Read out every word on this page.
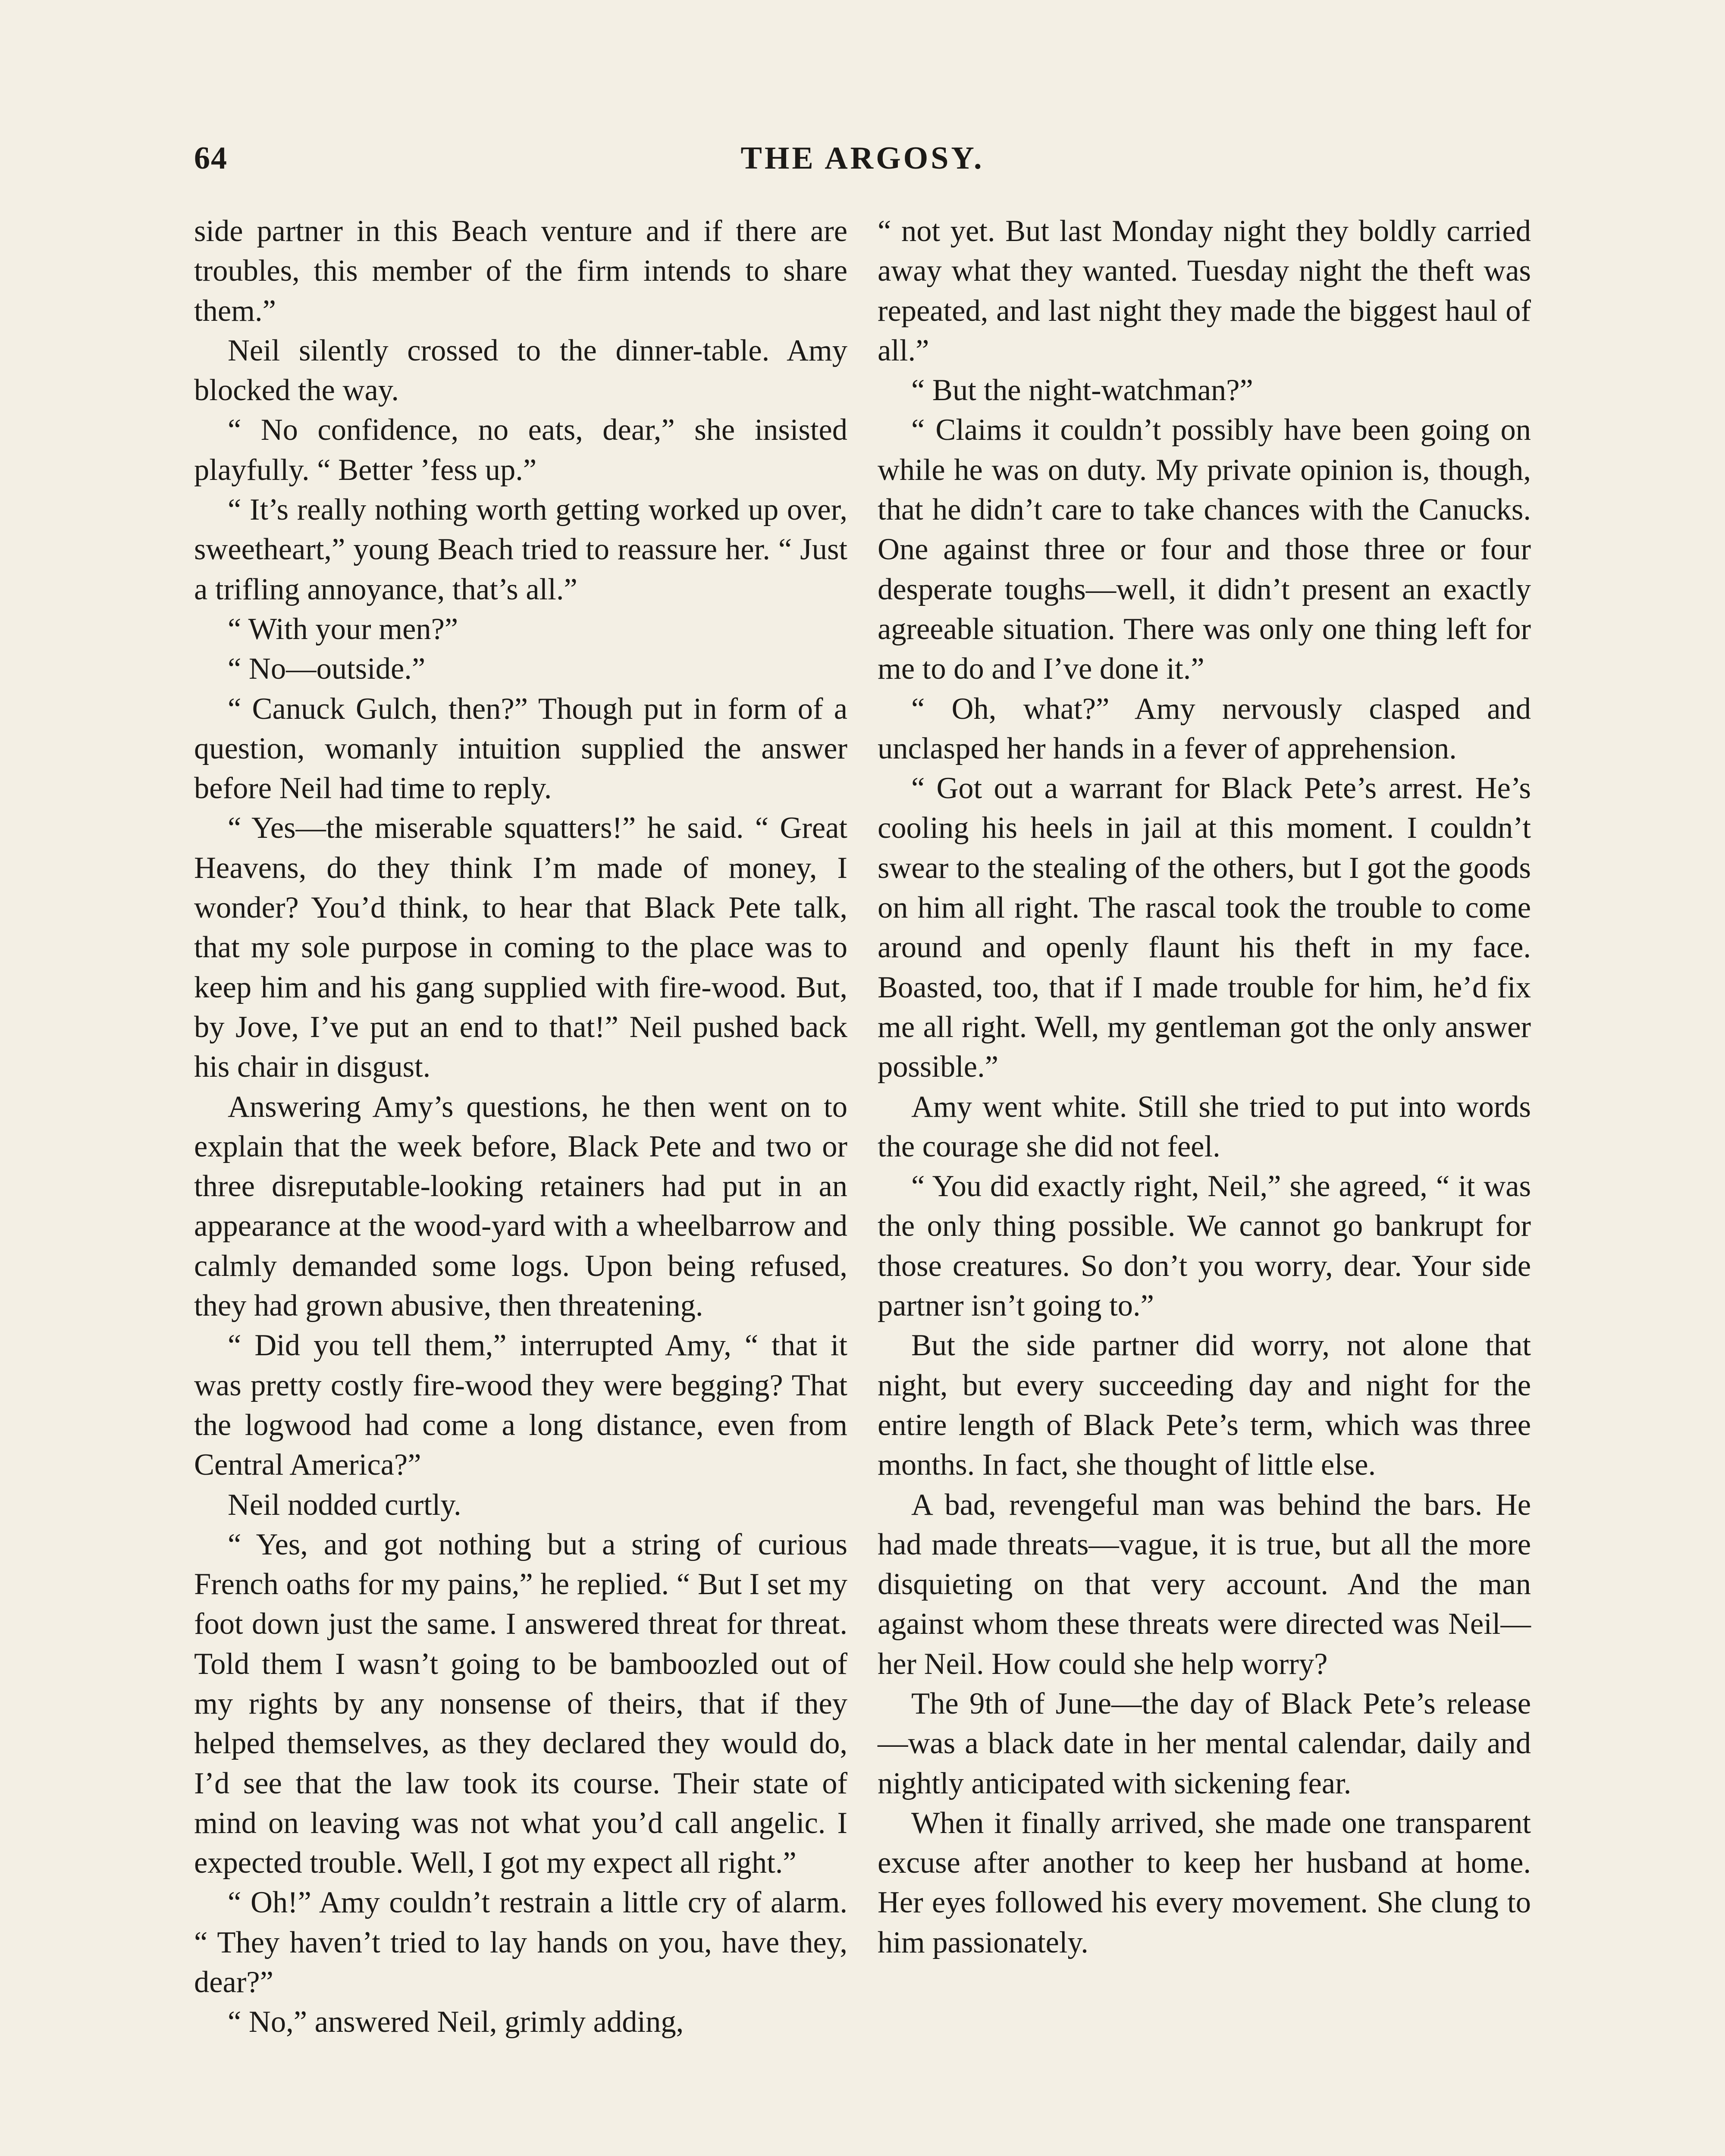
64	THE ARGOSY.

side partner in this Beach venture and if there are troubles, this member of the firm intends to share them.”

Neil silently crossed to the dinner-table. Amy blocked the way.

“ No confidence, no eats, dear,” she insisted playfully. “ Better ’fess up.”

“ It’s really nothing worth getting worked up over, sweetheart,” young Beach tried to reassure her. “ Just a trifling annoyance, that’s all.”

“ With your men?”

“ No—outside.”

“ Canuck Gulch, then?” Though put in form of a question, womanly intuition supplied the answer before Neil had time to reply.

“ Yes—the miserable squatters!” he said. “ Great Heavens, do they think I’m made of money, I wonder? You’d think, to hear that Black Pete talk, that my sole purpose in coming to the place was to keep him and his gang supplied with fire-wood. But, by Jove, I’ve put an end to that!” Neil pushed back his chair in disgust.

Answering Amy’s questions, he then went on to explain that the week before, Black Pete and two or three disreputable-looking retainers had put in an appearance at the wood-yard with a wheelbarrow and calmly demanded some logs. Upon being refused, they had grown abusive, then threatening.

“ Did you tell them,” interrupted Amy, “ that it was pretty costly fire-wood they were begging? That the logwood had come a long distance, even from Central America?”

Neil nodded curtly.

“ Yes, and got nothing but a string of curious French oaths for my pains,” he replied. “ But I set my foot down just the same. I answered threat for threat. Told them I wasn’t going to be bamboozled out of my rights by any nonsense of theirs, that if they helped themselves, as they declared they would do, I’d see that the law took its course. Their state of mind on leaving was not what you’d call angelic. I expected trouble. Well, I got my expect all right.”

“ Oh!” Amy couldn’t restrain a little cry of alarm. “ They haven’t tried to lay hands on you, have they, dear?”

“ No,” answered Neil, grimly adding,

“ not yet. But last Monday night they boldly carried away what they wanted. Tuesday night the theft was repeated, and last night they made the biggest haul of all.”

“ But the night-watchman?”

“ Claims it couldn’t possibly have been going on while he was on duty. My private opinion is, though, that he didn’t care to take chances with the Canucks. One against three or four and those three or four desperate toughs—well, it didn’t present an exactly agreeable situation. There was only one thing left for me to do and I’ve done it.”

“ Oh, what?” Amy nervously clasped and unclasped her hands in a fever of apprehension.

“ Got out a warrant for Black Pete’s arrest. He’s cooling his heels in jail at this moment. I couldn’t swear to the stealing of the others, but I got the goods on him all right. The rascal took the trouble to come around and openly flaunt his theft in my face. Boasted, too, that if I made trouble for him, he’d fix me all right. Well, my gentleman got the only answer possible.”

Amy went white. Still she tried to put into words the courage she did not feel.

“ You did exactly right, Neil,” she agreed, “ it was the only thing possible. We cannot go bankrupt for those creatures. So don’t you worry, dear. Your side partner isn’t going to.”

But the side partner did worry, not alone that night, but every succeeding day and night for the entire length of Black Pete’s term, which was three months. In fact, she thought of little else.

A bad, revengeful man was behind the bars. He had made threats—vague, it is true, but all the more disquieting on that very account. And the man against whom these threats were directed was Neil—her Neil. How could she help worry?

The 9th of June—the day of Black Pete’s release—was a black date in her mental calendar, daily and nightly anticipated with sickening fear.

When it finally arrived, she made one transparent excuse after another to keep her husband at home. Her eyes followed his every movement. She clung to him passionately.
